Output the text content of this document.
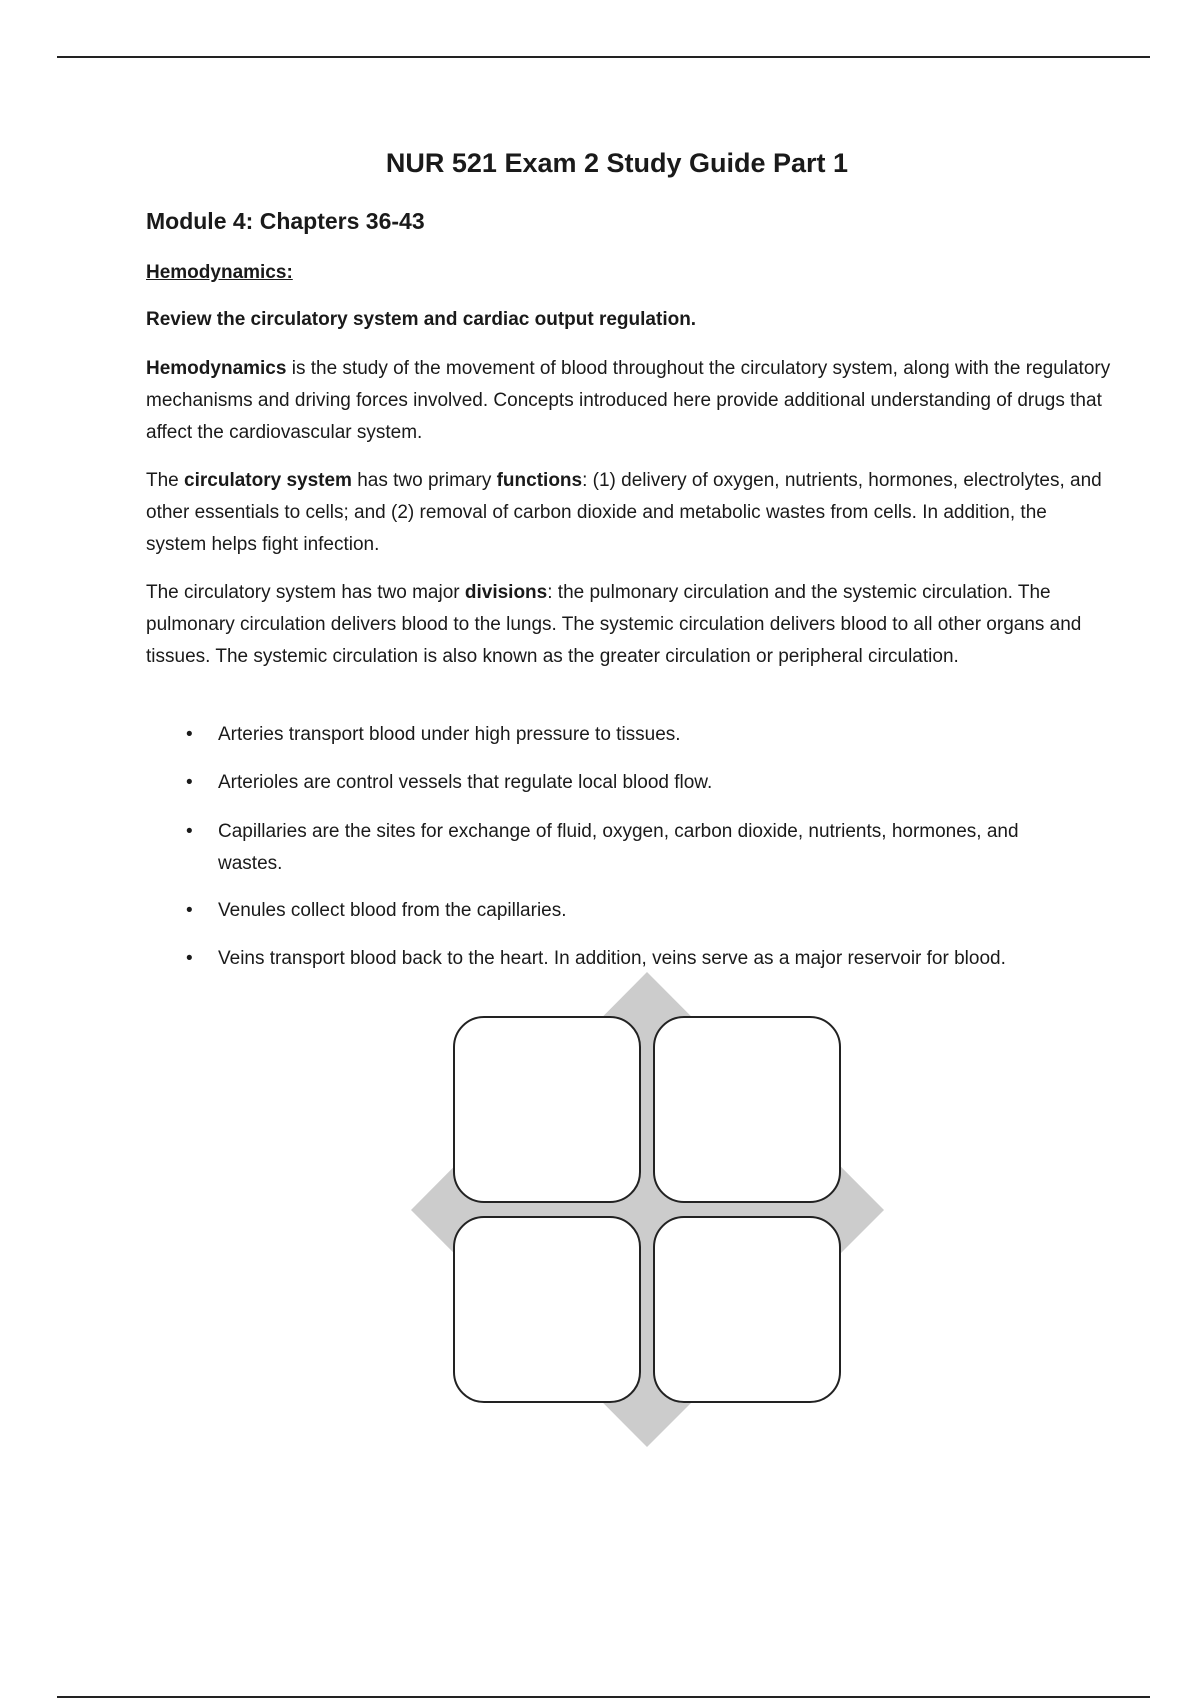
NUR 521 Exam 2 Study Guide Part 1
Module 4: Chapters 36-43
Hemodynamics:
Review the circulatory system and cardiac output regulation.
Hemodynamics is the study of the movement of blood throughout the circulatory system, along with the regulatory mechanisms and driving forces involved. Concepts introduced here provide additional understanding of drugs that affect the cardiovascular system.
The circulatory system has two primary functions: (1) delivery of oxygen, nutrients, hormones, electrolytes, and other essentials to cells; and (2) removal of carbon dioxide and metabolic wastes from cells. In addition, the system helps fight infection.
The circulatory system has two major divisions: the pulmonary circulation and the systemic circulation. The pulmonary circulation delivers blood to the lungs. The systemic circulation delivers blood to all other organs and tissues. The systemic circulation is also known as the greater circulation or peripheral circulation.
• Arteries transport blood under high pressure to tissues.
• Arterioles are control vessels that regulate local blood flow.
• Capillaries are the sites for exchange of fluid, oxygen, carbon dioxide, nutrients, hormones, and wastes.
• Venules collect blood from the capillaries.
• Veins transport blood back to the heart. In addition, veins serve as a major reservoir for blood.
